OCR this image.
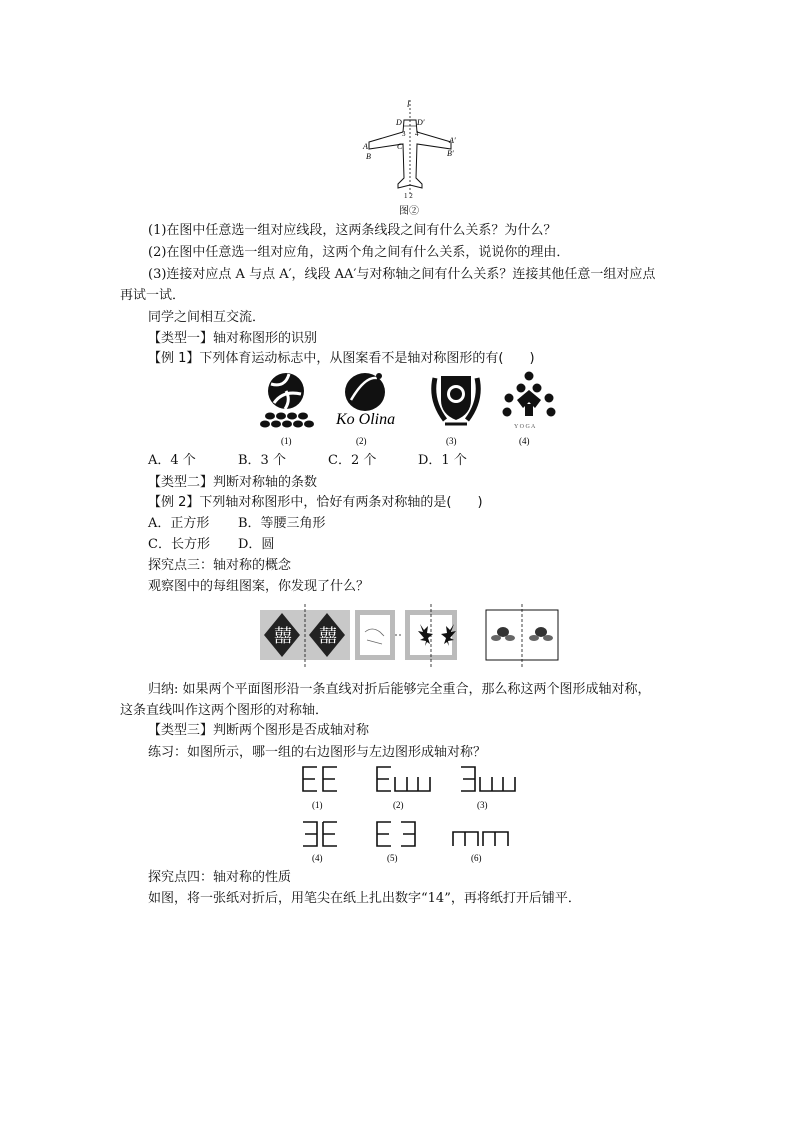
l
D D′
3 4
C
A
B
A′
B′
1 2
图②
(1)在图中任意选一组对应线段，这两条线段之间有什么关系？为什么？
(2)在图中任意选一组对应角，这两个角之间有什么关系，说说你的理由．
(3)连接对应点 A 与点 A′，线段 AA′与对称轴之间有什么关系？连接其他任意一组对应点
再试一试．
同学之间相互交流．
【类型一】轴对称图形的识别
【例 1】下列体育运动标志中，从图案看不是轴对称图形的有(　　)
Ko Olina	Y O G A
(1)	(2)	(3)	(4)
A．4 个	B．3 个	C．2 个	D．1 个
【类型二】判断对称轴的条数
【例 2】下列轴对称图形中，恰好有两条对称轴的是(　　)
A．正方形 B．等腰三角形
C．长方形 D．圆
探究点三：轴对称的概念
观察图中的每组图案，你发现了什么？
囍 囍
归纳: 如果两个平面图形沿一条直线对折后能够完全重合，那么称这两个图形成轴对称，
这条直线叫作这两个图形的对称轴．
【类型三】判断两个图形是否成轴对称
练习：如图所示，哪一组的右边图形与左边图形成轴对称？
(1)	(2)	(3)
(4)	(5)	(6)
探究点四：轴对称的性质
如图，将一张纸对折后，用笔尖在纸上扎出数字“14”，再将纸打开后铺平．
